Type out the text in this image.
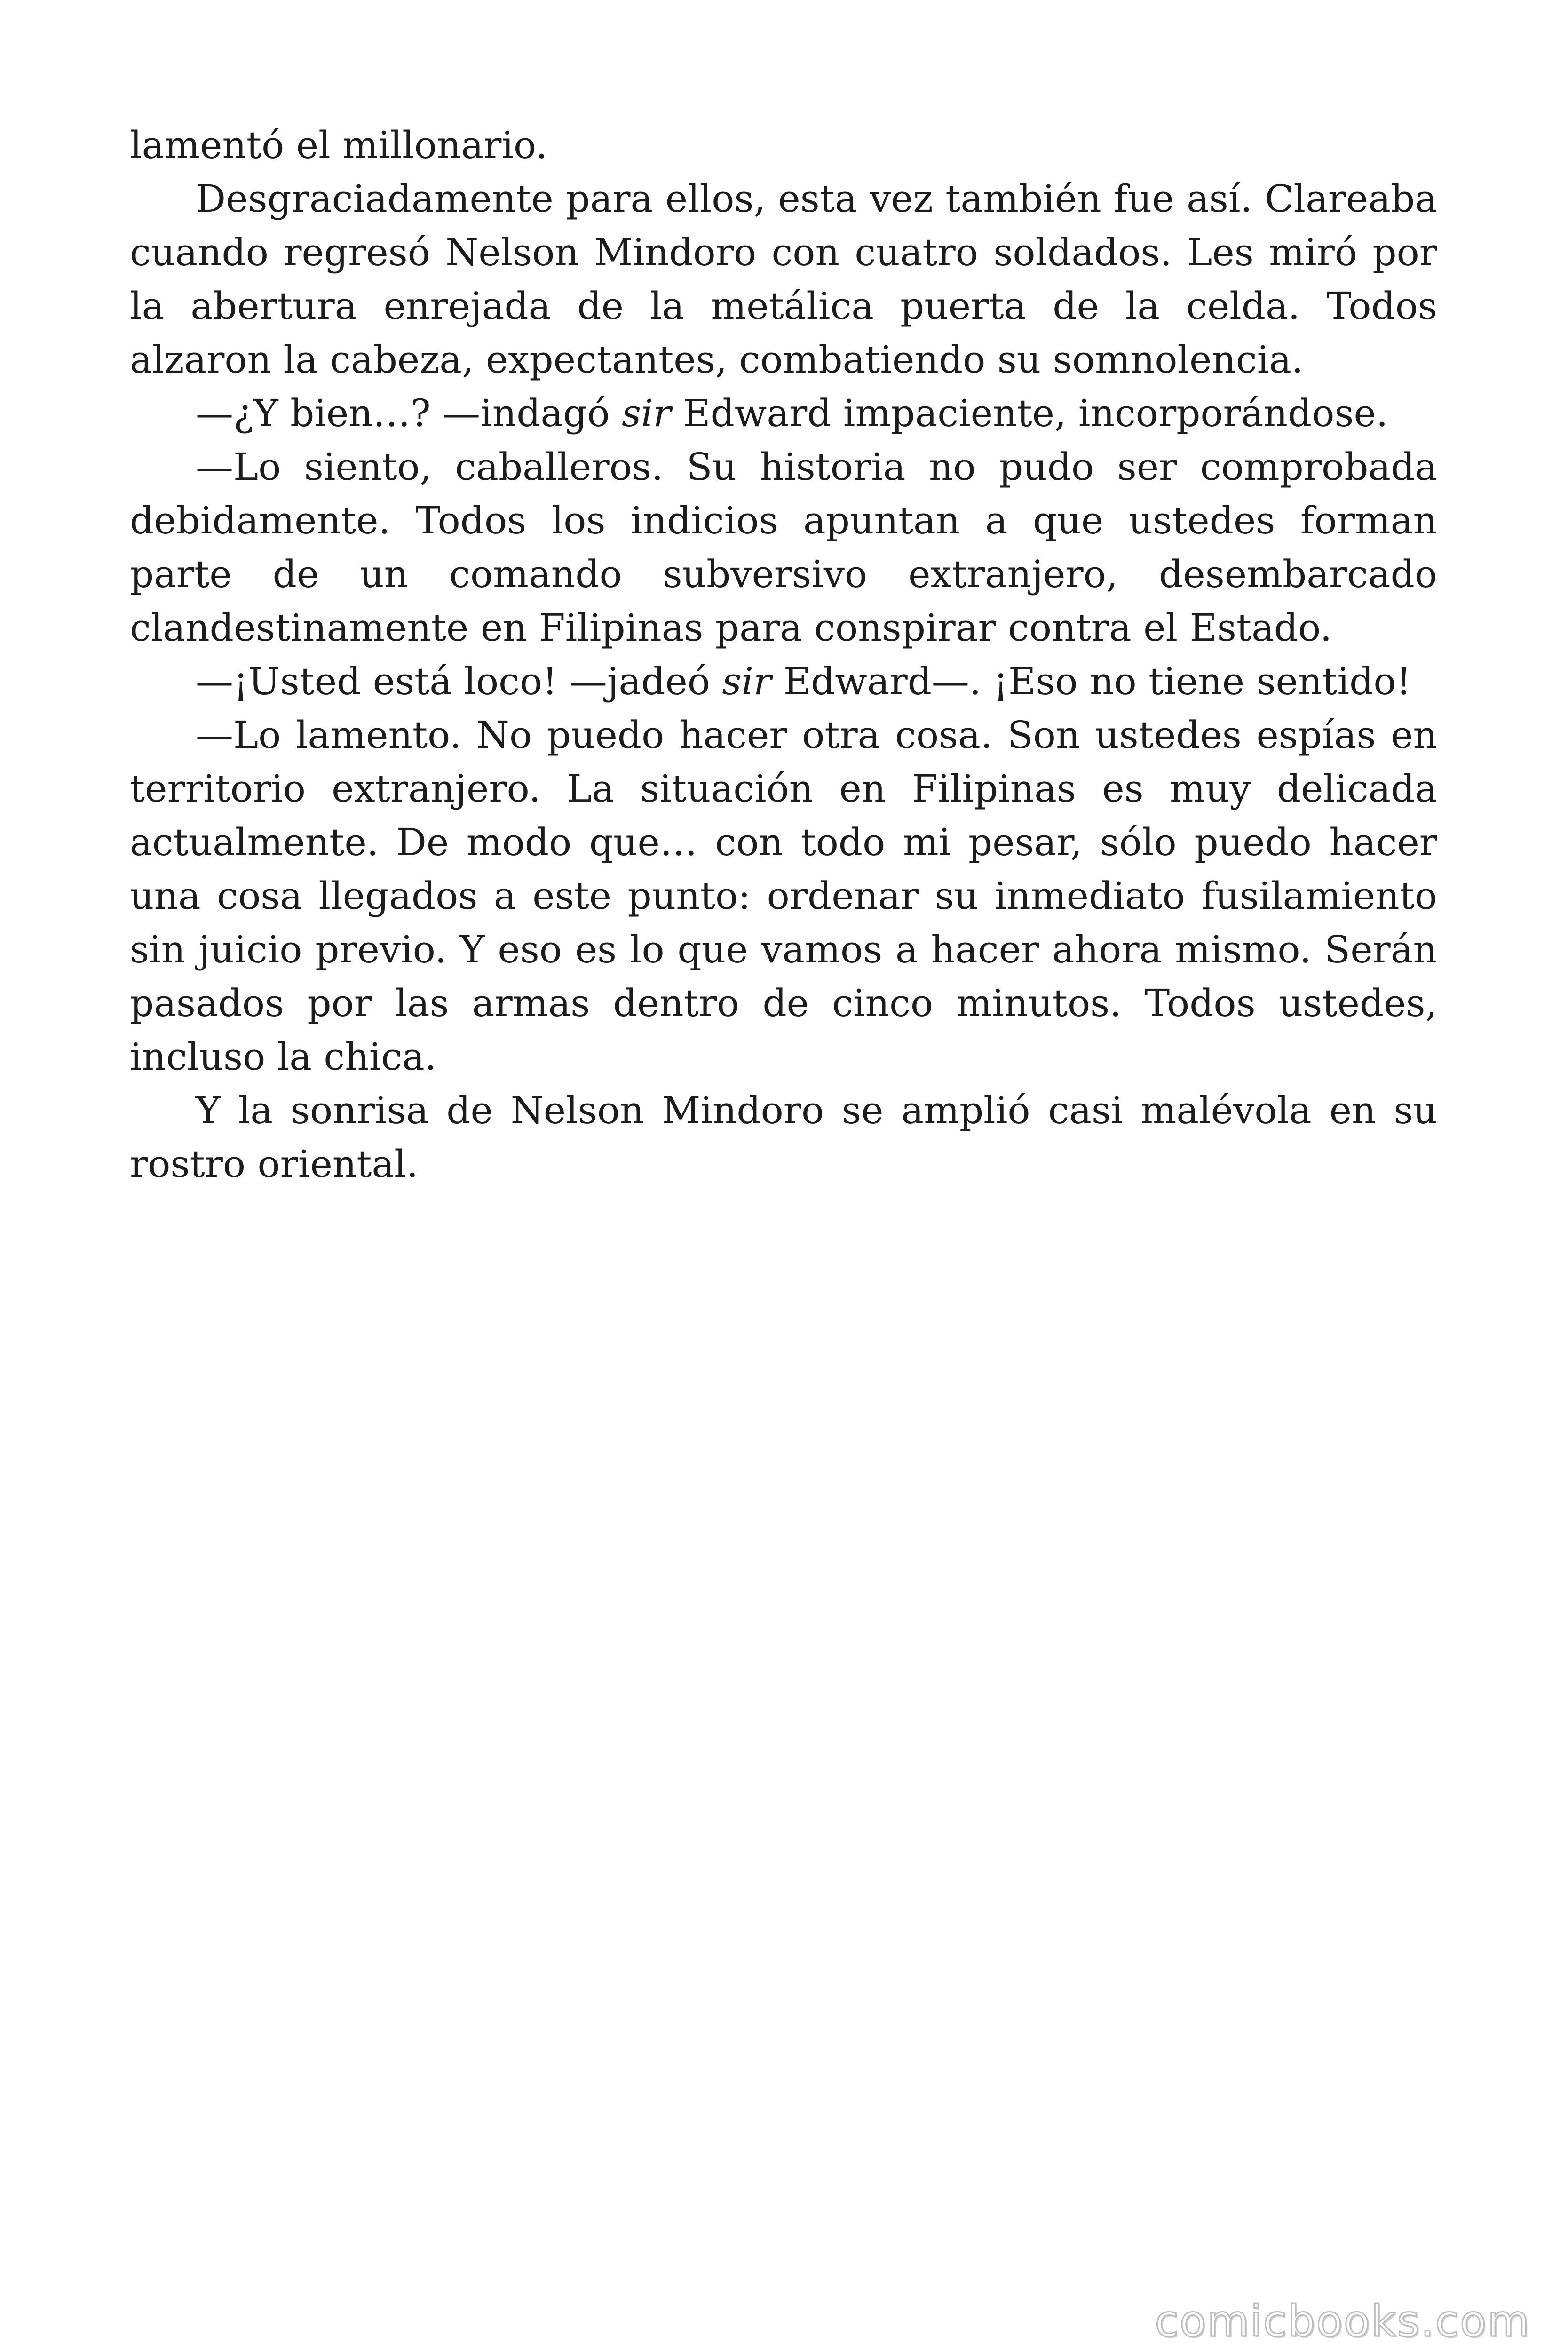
lamentó el millonario.

Desgraciadamente para ellos, esta vez también fue así. Clareaba cuando regresó Nelson Mindoro con cuatro soldados. Les miró por la abertura enrejada de la metálica puerta de la celda. Todos alzaron la cabeza, expectantes, combatiendo su somnolencia.

—¿Y bien…? —indagó sir Edward impaciente, incorporándose.

—Lo siento, caballeros. Su historia no pudo ser comprobada debidamente. Todos los indicios apuntan a que ustedes forman parte de un comando subversivo extranjero, desembarcado clandestinamente en Filipinas para conspirar contra el Estado.

—¡Usted está loco! —jadeó sir Edward—. ¡Eso no tiene sentido!

—Lo lamento. No puedo hacer otra cosa. Son ustedes espías en territorio extranjero. La situación en Filipinas es muy delicada actualmente. De modo que… con todo mi pesar, sólo puedo hacer una cosa llegados a este punto: ordenar su inmediato fusilamiento sin juicio previo. Y eso es lo que vamos a hacer ahora mismo. Serán pasados por las armas dentro de cinco minutos. Todos ustedes, incluso la chica.

Y la sonrisa de Nelson Mindoro se amplió casi malévola en su rostro oriental.

comicbooks.com
